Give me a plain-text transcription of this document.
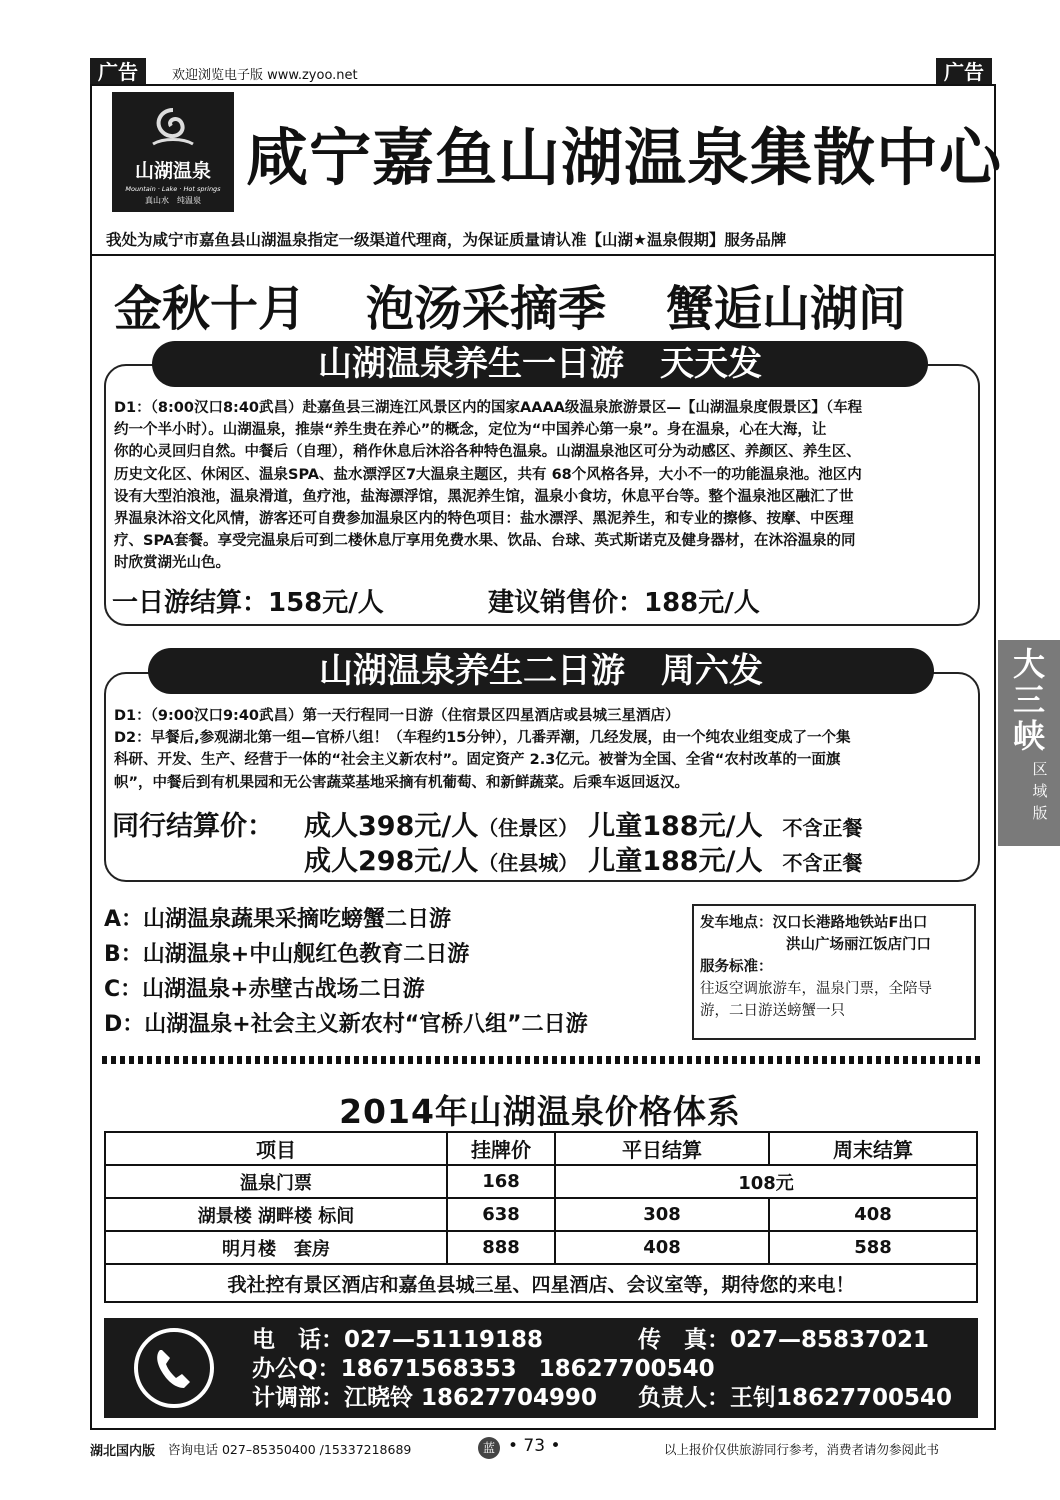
广告	欢迎浏览电子版 www.zyoo.net	广告
山湖温泉
Mountain · Lake · Hot springs
真山水　纯温泉
咸宁嘉鱼山湖温泉集散中心
我处为咸宁市嘉鱼县山湖温泉指定一级渠道代理商，为保证质量请认准【山湖★温泉假期】服务品牌
金秋十月 泡汤采摘季 蟹逅山湖间
山湖温泉养生一日游 天天发
D1：（8:00汉口8:40武昌）赴嘉鱼县三湖连江风景区内的国家AAAA级温泉旅游景区—【山湖温泉度假景区】（车程
约一个半小时）。山湖温泉，推崇“养生贵在养心”的概念，定位为“中国养心第一泉”。身在温泉，心在大海，让
你的心灵回归自然。中餐后（自理），稍作休息后沐浴各种特色温泉。山湖温泉池区可分为动感区、养颜区、养生区、
历史文化区、休闲区、温泉SPA、盐水漂浮区7大温泉主题区，共有 68个风格各异，大小不一的功能温泉池。池区内
设有大型泊浪池，温泉滑道，鱼疗池，盐海漂浮馆，黑泥养生馆，温泉小食坊，休息平台等。整个温泉池区融汇了世
界温泉沐浴文化风情，游客还可自费参加温泉区内的特色项目：盐水漂浮、黑泥养生，和专业的擦修、按摩、中医理
疗、SPA套餐。享受完温泉后可到二楼休息厅享用免费水果、饮品、台球、英式斯诺克及健身器材，在沐浴温泉的同
时欣赏湖光山色。
一日游结算：158元/人	建议销售价：188元/人
山湖温泉养生二日游 周六发
D1：（9:00汉口9:40武昌）第一天行程同一日游（住宿景区四星酒店或县城三星酒店）
D2：早餐后,参观湖北第一组—官桥八组！（车程约15分钟），几番弄潮，几经发展，由一个纯农业组变成了一个集
科研、开发、生产、经营于一体的“社会主义新农村”。固定资产 2.3亿元。被誉为全国、全省“农村改革的一面旗
帜”，中餐后到有机果园和无公害蔬菜基地采摘有机葡萄、和新鲜蔬菜。后乘车返回返汉。
同行结算价： 成人398元/人（住景区） 儿童188元/人 不含正餐
成人298元/人（住县城） 儿童188元/人 不含正餐
A：山湖温泉蔬果采摘吃螃蟹二日游
B：山湖温泉+中山舰红色教育二日游
C：山湖温泉+赤壁古战场二日游
D：山湖温泉+社会主义新农村“官桥八组”二日游
发车地点：汉口长港路地铁站F出口
洪山广场丽江饭店门口
服务标准：
往返空调旅游车，温泉门票，全陪导
游，二日游送螃蟹一只
2014年山湖温泉价格体系
项目	挂牌价	平日结算	周末结算
温泉门票	168	108元	
湖景楼 湖畔楼 标间	638	308	408
明月楼　套房	888	408	588
我社控有景区酒店和嘉鱼县城三星、四星酒店、会议室等，期待您的来电！			
电　话：027—51119188	传　真：027—85837021
办公Q：18671568353 18627700540
计调部：江晓铃 18627704990 负责人：王钊18627700540
大
三
峡
区
域
版
湖北国内版 咨询电话 027–85350400 /15337218689	蓝 • 73 •	以上报价仅供旅游同行参考，消费者请勿参阅此书
